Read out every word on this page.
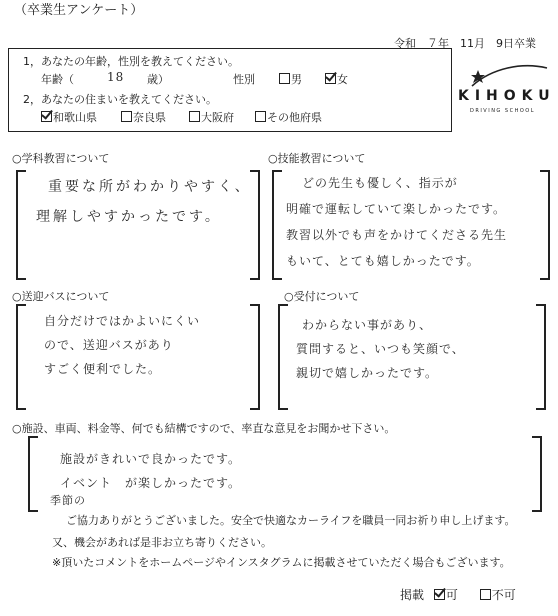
（卒業生アンケート）
令和　７年　11月　9日卒業
1，あなたの年齢，性別を教えてください。
年齢（	18 歳）	性別	男	女
2，あなたの住まいを教えてください。
和歌山県	奈良県	大阪府	その他府県
KIHOKU
DRIVING SCHOOL
○学科教習について
重要な所がわかりやすく、
理解しやすかったです。
○技能教習について
どの先生も優しく、指示が
明確で運転していて楽しかったです。
教習以外でも声をかけてくださる先生
もいて、とても嬉しかったです。
○送迎バスについて
自分だけではかよいにくい
ので、送迎バスがあり
すごく便利でした。
○受付について
わからない事があり、
質問すると、いつも笑顔で、
親切で嬉しかったです。
○施設、車両、料金等、何でも結構ですので、率直な意見をお聞かせ下さい。
施設がきれいで良かったです。
イベント　が楽しかったです。
季節の
ご協力ありがとうございました。安全で快適なカーライフを職員一同お祈り申し上げます。
又、機会があれば是非お立ち寄りください。
※頂いたコメントをホームページやインスタグラムに掲載させていただく場合もございます。
掲載 可	不可
